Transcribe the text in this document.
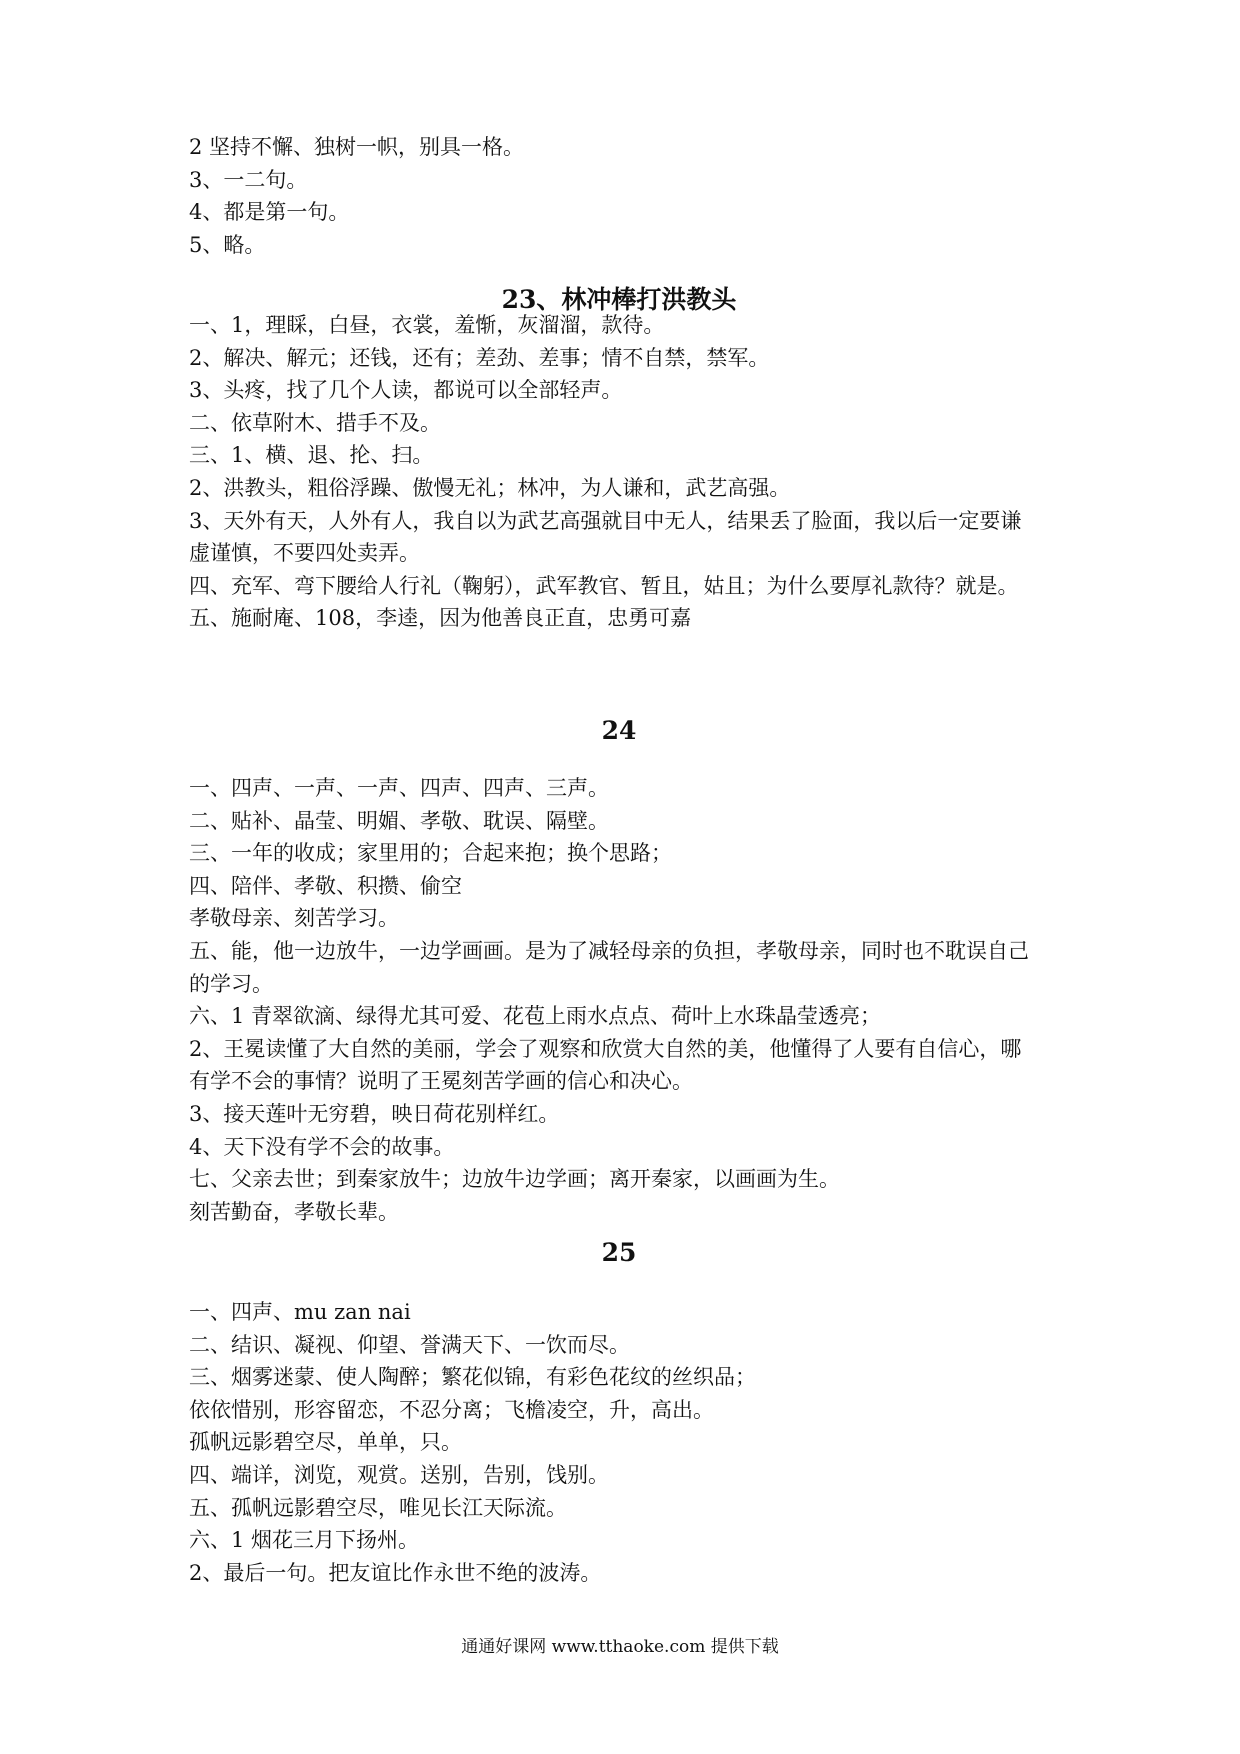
2 坚持不懈、独树一帜，别具一格。
3、一二句。
4、都是第一句。
5、略。
23、林冲棒打洪教头
一、1，理睬，白昼，衣裳，羞惭，灰溜溜，款待。
2、解决、解元；还钱，还有；差劲、差事；情不自禁，禁军。
3、头疼，找了几个人读，都说可以全部轻声。
二、依草附木、措手不及。
三、1、横、退、抡、扫。
2、洪教头，粗俗浮躁、傲慢无礼；林冲，为人谦和，武艺高强。
3、天外有天，人外有人，我自以为武艺高强就目中无人，结果丢了脸面，我以后一定要谦
虚谨慎，不要四处卖弄。
四、充军、弯下腰给人行礼（鞠躬），武军教官、暂且，姑且；为什么要厚礼款待？就是。
五、施耐庵、108，李逵，因为他善良正直，忠勇可嘉
24
一、四声、一声、一声、四声、四声、三声。
二、贴补、晶莹、明媚、孝敬、耽误、隔壁。
三、一年的收成；家里用的；合起来抱；换个思路；
四、陪伴、孝敬、积攒、偷空
孝敬母亲、刻苦学习。
五、能，他一边放牛，一边学画画。是为了减轻母亲的负担，孝敬母亲，同时也不耽误自己
的学习。
六、1 青翠欲滴、绿得尤其可爱、花苞上雨水点点、荷叶上水珠晶莹透亮；
2、王冕读懂了大自然的美丽，学会了观察和欣赏大自然的美，他懂得了人要有自信心，哪
有学不会的事情？说明了王冕刻苦学画的信心和决心。
3、接天莲叶无穷碧，映日荷花别样红。
4、天下没有学不会的故事。
七、父亲去世；到秦家放牛；边放牛边学画；离开秦家，以画画为生。
刻苦勤奋，孝敬长辈。
25
一、四声、mu zan nai
二、结识、凝视、仰望、誉满天下、一饮而尽。
三、烟雾迷蒙、使人陶醉；繁花似锦，有彩色花纹的丝织品；
依依惜别，形容留恋，不忍分离；飞檐凌空，升，高出。
孤帆远影碧空尽，单单，只。
四、端详，浏览，观赏。送别，告别，饯别。
五、孤帆远影碧空尽，唯见长江天际流。
六、1 烟花三月下扬州。
2、最后一句。把友谊比作永世不绝的波涛。
通通好课网 www.tthaoke.com 提供下载
